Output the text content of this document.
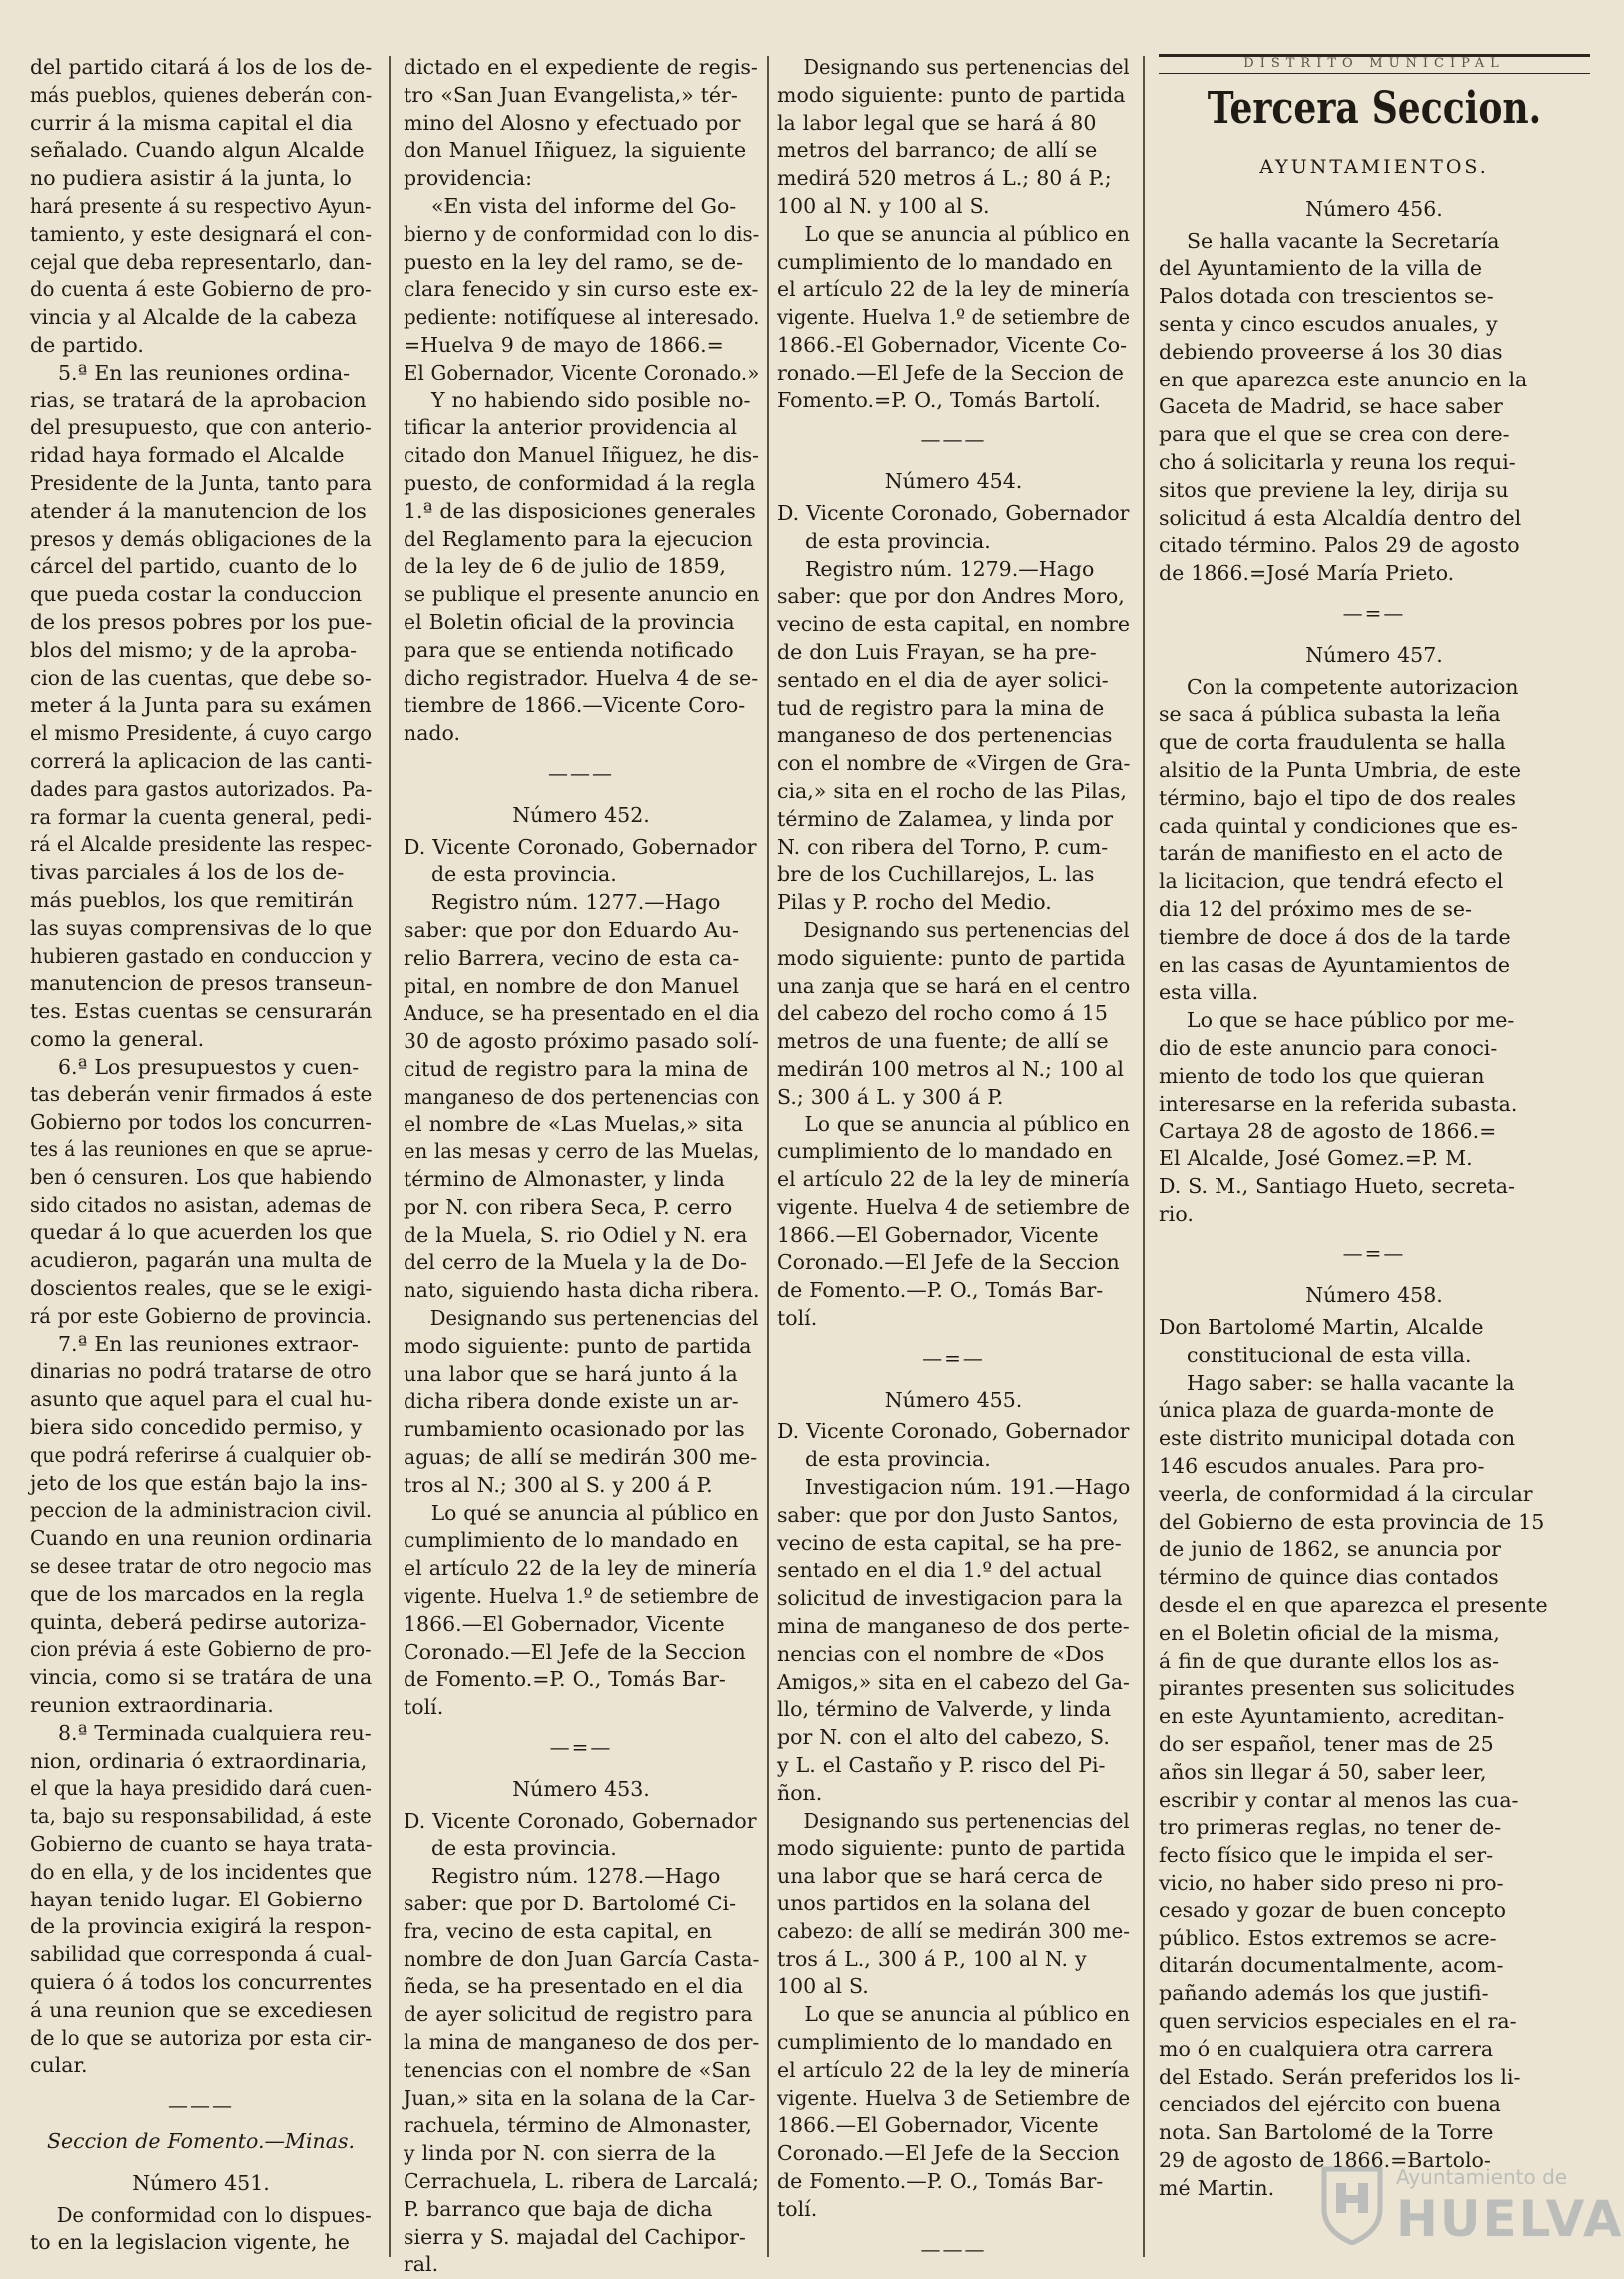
del partido citará á los de los de-
más pueblos, quienes deberán con-
currir á la misma capital el dia
señalado. Cuando algun Alcalde
no pudiera asistir á la junta, lo
hará presente á su respectivo Ayun-
tamiento, y este designará el con-
cejal que deba representarlo, dan-
do cuenta á este Gobierno de pro-
vincia y al Alcalde de la cabeza
de partido.
5.ª En las reuniones ordina-
rias, se tratará de la aprobacion
del presupuesto, que con anterio-
ridad haya formado el Alcalde
Presidente de la Junta, tanto para
atender á la manutencion de los
presos y demás obligaciones de la
cárcel del partido, cuanto de lo
que pueda costar la conduccion
de los presos pobres por los pue-
blos del mismo; y de la aproba-
cion de las cuentas, que debe so-
meter á la Junta para su exámen
el mismo Presidente, á cuyo cargo
correrá la aplicacion de las canti-
dades para gastos autorizados. Pa-
ra formar la cuenta general, pedi-
rá el Alcalde presidente las respec-
tivas parciales á los de los de-
más pueblos, los que remitirán
las suyas comprensivas de lo que
hubieren gastado en conduccion y
manutencion de presos transeun-
tes. Estas cuentas se censurarán
como la general.
6.ª Los presupuestos y cuen-
tas deberán venir firmados á este
Gobierno por todos los concurren-
tes á las reuniones en que se aprue-
ben ó censuren. Los que habiendo
sido citados no asistan, ademas de
quedar á lo que acuerden los que
acudieron, pagarán una multa de
doscientos reales, que se le exigi-
rá por este Gobierno de provincia.
7.ª En las reuniones extraor-
dinarias no podrá tratarse de otro
asunto que aquel para el cual hu-
biera sido concedido permiso, y
que podrá referirse á cualquier ob-
jeto de los que están bajo la ins-
peccion de la administracion civil.
Cuando en una reunion ordinaria
se desee tratar de otro negocio mas
que de los marcados en la regla
quinta, deberá pedirse autoriza-
cion prévia á este Gobierno de pro-
vincia, como si se tratára de una
reunion extraordinaria.
8.ª Terminada cualquiera reu-
nion, ordinaria ó extraordinaria,
el que la haya presidido dará cuen-
ta, bajo su responsabilidad, á este
Gobierno de cuanto se haya trata-
do en ella, y de los incidentes que
hayan tenido lugar. El Gobierno
de la provincia exigirá la respon-
sabilidad que corresponda á cual-
quiera ó á todos los concurrentes
á una reunion que se excediesen
de lo que se autoriza por esta cir-
cular.
———
Seccion de Fomento.—Minas.
Número 451.
De conformidad con lo dispues-
to en la legislacion vigente, he
dictado en el expediente de regis-
tro «San Juan Evangelista,» tér-
mino del Alosno y efectuado por
don Manuel Iñiguez, la siguiente
providencia:
«En vista del informe del Go-
bierno y de conformidad con lo dis-
puesto en la ley del ramo, se de-
clara fenecido y sin curso este ex-
pediente: notifíquese al interesado.
=Huelva 9 de mayo de 1866.=
El Gobernador, Vicente Coronado.»
Y no habiendo sido posible no-
tificar la anterior providencia al
citado don Manuel Iñiguez, he dis-
puesto, de conformidad á la regla
1.ª de las disposiciones generales
del Reglamento para la ejecucion
de la ley de 6 de julio de 1859,
se publique el presente anuncio en
el Boletin oficial de la provincia
para que se entienda notificado
dicho registrador. Huelva 4 de se-
tiembre de 1866.—Vicente Coro-
nado.
———
Número 452.
D. Vicente Coronado, Gobernador
de esta provincia.
Registro núm. 1277.—Hago
saber: que por don Eduardo Au-
relio Barrera, vecino de esta ca-
pital, en nombre de don Manuel
Anduce, se ha presentado en el dia
30 de agosto próximo pasado solí-
citud de registro para la mina de
manganeso de dos pertenencias con
el nombre de «Las Muelas,» sita
en las mesas y cerro de las Muelas,
término de Almonaster, y linda
por N. con ribera Seca, P. cerro
de la Muela, S. rio Odiel y N. era
del cerro de la Muela y la de Do-
nato, siguiendo hasta dicha ribera.
Designando sus pertenencias del
modo siguiente: punto de partida
una labor que se hará junto á la
dicha ribera donde existe un ar-
rumbamiento ocasionado por las
aguas; de allí se medirán 300 me-
tros al N.; 300 al S. y 200 á P.
Lo qué se anuncia al público en
cumplimiento de lo mandado en
el artículo 22 de la ley de minería
vigente. Huelva 1.º de setiembre de
1866.—El Gobernador, Vicente
Coronado.—El Jefe de la Seccion
de Fomento.=P. O., Tomás Bar-
tolí.
—=—
Número 453.
D. Vicente Coronado, Gobernador
de esta provincia.
Registro núm. 1278.—Hago
saber: que por D. Bartolomé Ci-
fra, vecino de esta capital, en
nombre de don Juan García Casta-
ñeda, se ha presentado en el dia
de ayer solicitud de registro para
la mina de manganeso de dos per-
tenencias con el nombre de «San
Juan,» sita en la solana de la Car-
rachuela, término de Almonaster,
y linda por N. con sierra de la
Cerrachuela, L. ribera de Larcalá;
P. barranco que baja de dicha
sierra y S. majadal del Cachipor-
ral.
Designando sus pertenencias del
modo siguiente: punto de partida
la labor legal que se hará á 80
metros del barranco; de allí se
medirá 520 metros á L.; 80 á P.;
100 al N. y 100 al S.
Lo que se anuncia al público en
cumplimiento de lo mandado en
el artículo 22 de la ley de minería
vigente. Huelva 1.º de setiembre de
1866.-El Gobernador, Vicente Co-
ronado.—El Jefe de la Seccion de
Fomento.=P. O., Tomás Bartolí.
———
Número 454.
D. Vicente Coronado, Gobernador
de esta provincia.
Registro núm. 1279.—Hago
saber: que por don Andres Moro,
vecino de esta capital, en nombre
de don Luis Frayan, se ha pre-
sentado en el dia de ayer solici-
tud de registro para la mina de
manganeso de dos pertenencias
con el nombre de «Virgen de Gra-
cia,» sita en el rocho de las Pilas,
término de Zalamea, y linda por
N. con ribera del Torno, P. cum-
bre de los Cuchillarejos, L. las
Pilas y P. rocho del Medio.
Designando sus pertenencias del
modo siguiente: punto de partida
una zanja que se hará en el centro
del cabezo del rocho como á 15
metros de una fuente; de allí se
medirán 100 metros al N.; 100 al
S.; 300 á L. y 300 á P.
Lo que se anuncia al público en
cumplimiento de lo mandado en
el artículo 22 de la ley de minería
vigente. Huelva 4 de setiembre de
1866.—El Gobernador, Vicente
Coronado.—El Jefe de la Seccion
de Fomento.—P. O., Tomás Bar-
tolí.
—=—
Número 455.
D. Vicente Coronado, Gobernador
de esta provincia.
Investigacion núm. 191.—Hago
saber: que por don Justo Santos,
vecino de esta capital, se ha pre-
sentado en el dia 1.º del actual
solicitud de investigacion para la
mina de manganeso de dos perte-
nencias con el nombre de «Dos
Amigos,» sita en el cabezo del Ga-
llo, término de Valverde, y linda
por N. con el alto del cabezo, S.
y L. el Castaño y P. risco del Pi-
ñon.
Designando sus pertenencias del
modo siguiente: punto de partida
una labor que se hará cerca de
unos partidos en la solana del
cabezo: de allí se medirán 300 me-
tros á L., 300 á P., 100 al N. y
100 al S.
Lo que se anuncia al público en
cumplimiento de lo mandado en
el artículo 22 de la ley de minería
vigente. Huelva 3 de Setiembre de
1866.—El Gobernador, Vicente
Coronado.—El Jefe de la Seccion
de Fomento.—P. O., Tomás Bar-
tolí.
———
DISTRITO MUNICIPAL
Tercera Seccion.
AYUNTAMIENTOS.
Número 456.
Se halla vacante la Secretaría
del Ayuntamiento de la villa de
Palos dotada con trescientos se-
senta y cinco escudos anuales, y
debiendo proveerse á los 30 dias
en que aparezca este anuncio en la
Gaceta de Madrid, se hace saber
para que el que se crea con dere-
cho á solicitarla y reuna los requi-
sitos que previene la ley, dirija su
solicitud á esta Alcaldía dentro del
citado término. Palos 29 de agosto
de 1866.=José María Prieto.
—=—
Número 457.
Con la competente autorizacion
se saca á pública subasta la leña
que de corta fraudulenta se halla
alsitio de la Punta Umbria, de este
término, bajo el tipo de dos reales
cada quintal y condiciones que es-
tarán de manifiesto en el acto de
la licitacion, que tendrá efecto el
dia 12 del próximo mes de se-
tiembre de doce á dos de la tarde
en las casas de Ayuntamientos de
esta villa.
Lo que se hace público por me-
dio de este anuncio para conoci-
miento de todo los que quieran
interesarse en la referida subasta.
Cartaya 28 de agosto de 1866.=
El Alcalde, José Gomez.=P. M.
D. S. M., Santiago Hueto, secreta-
rio.
—=—
Número 458.
Don Bartolomé Martin, Alcalde
constitucional de esta villa.
Hago saber: se halla vacante la
única plaza de guarda-monte de
este distrito municipal dotada con
146 escudos anuales. Para pro-
veerla, de conformidad á la circular
del Gobierno de esta provincia de 15
de junio de 1862, se anuncia por
término de quince dias contados
desde el en que aparezca el presente
en el Boletin oficial de la misma,
á fin de que durante ellos los as-
pirantes presenten sus solicitudes
en este Ayuntamiento, acreditan-
do ser español, tener mas de 25
años sin llegar á 50, saber leer,
escribir y contar al menos las cua-
tro primeras reglas, no tener de-
fecto físico que le impida el ser-
vicio, no haber sido preso ni pro-
cesado y gozar de buen concepto
público. Estos extremos se acre-
ditarán documentalmente, acom-
pañando además los que justifi-
quen servicios especiales en el ra-
mo ó en cualquiera otra carrera
del Estado. Serán preferidos los li-
cenciados del ejército con buena
nota. San Bartolomé de la Torre
29 de agosto de 1866.=Bartolo-
mé Martin.	Ayuntamiento de
HUELVA
